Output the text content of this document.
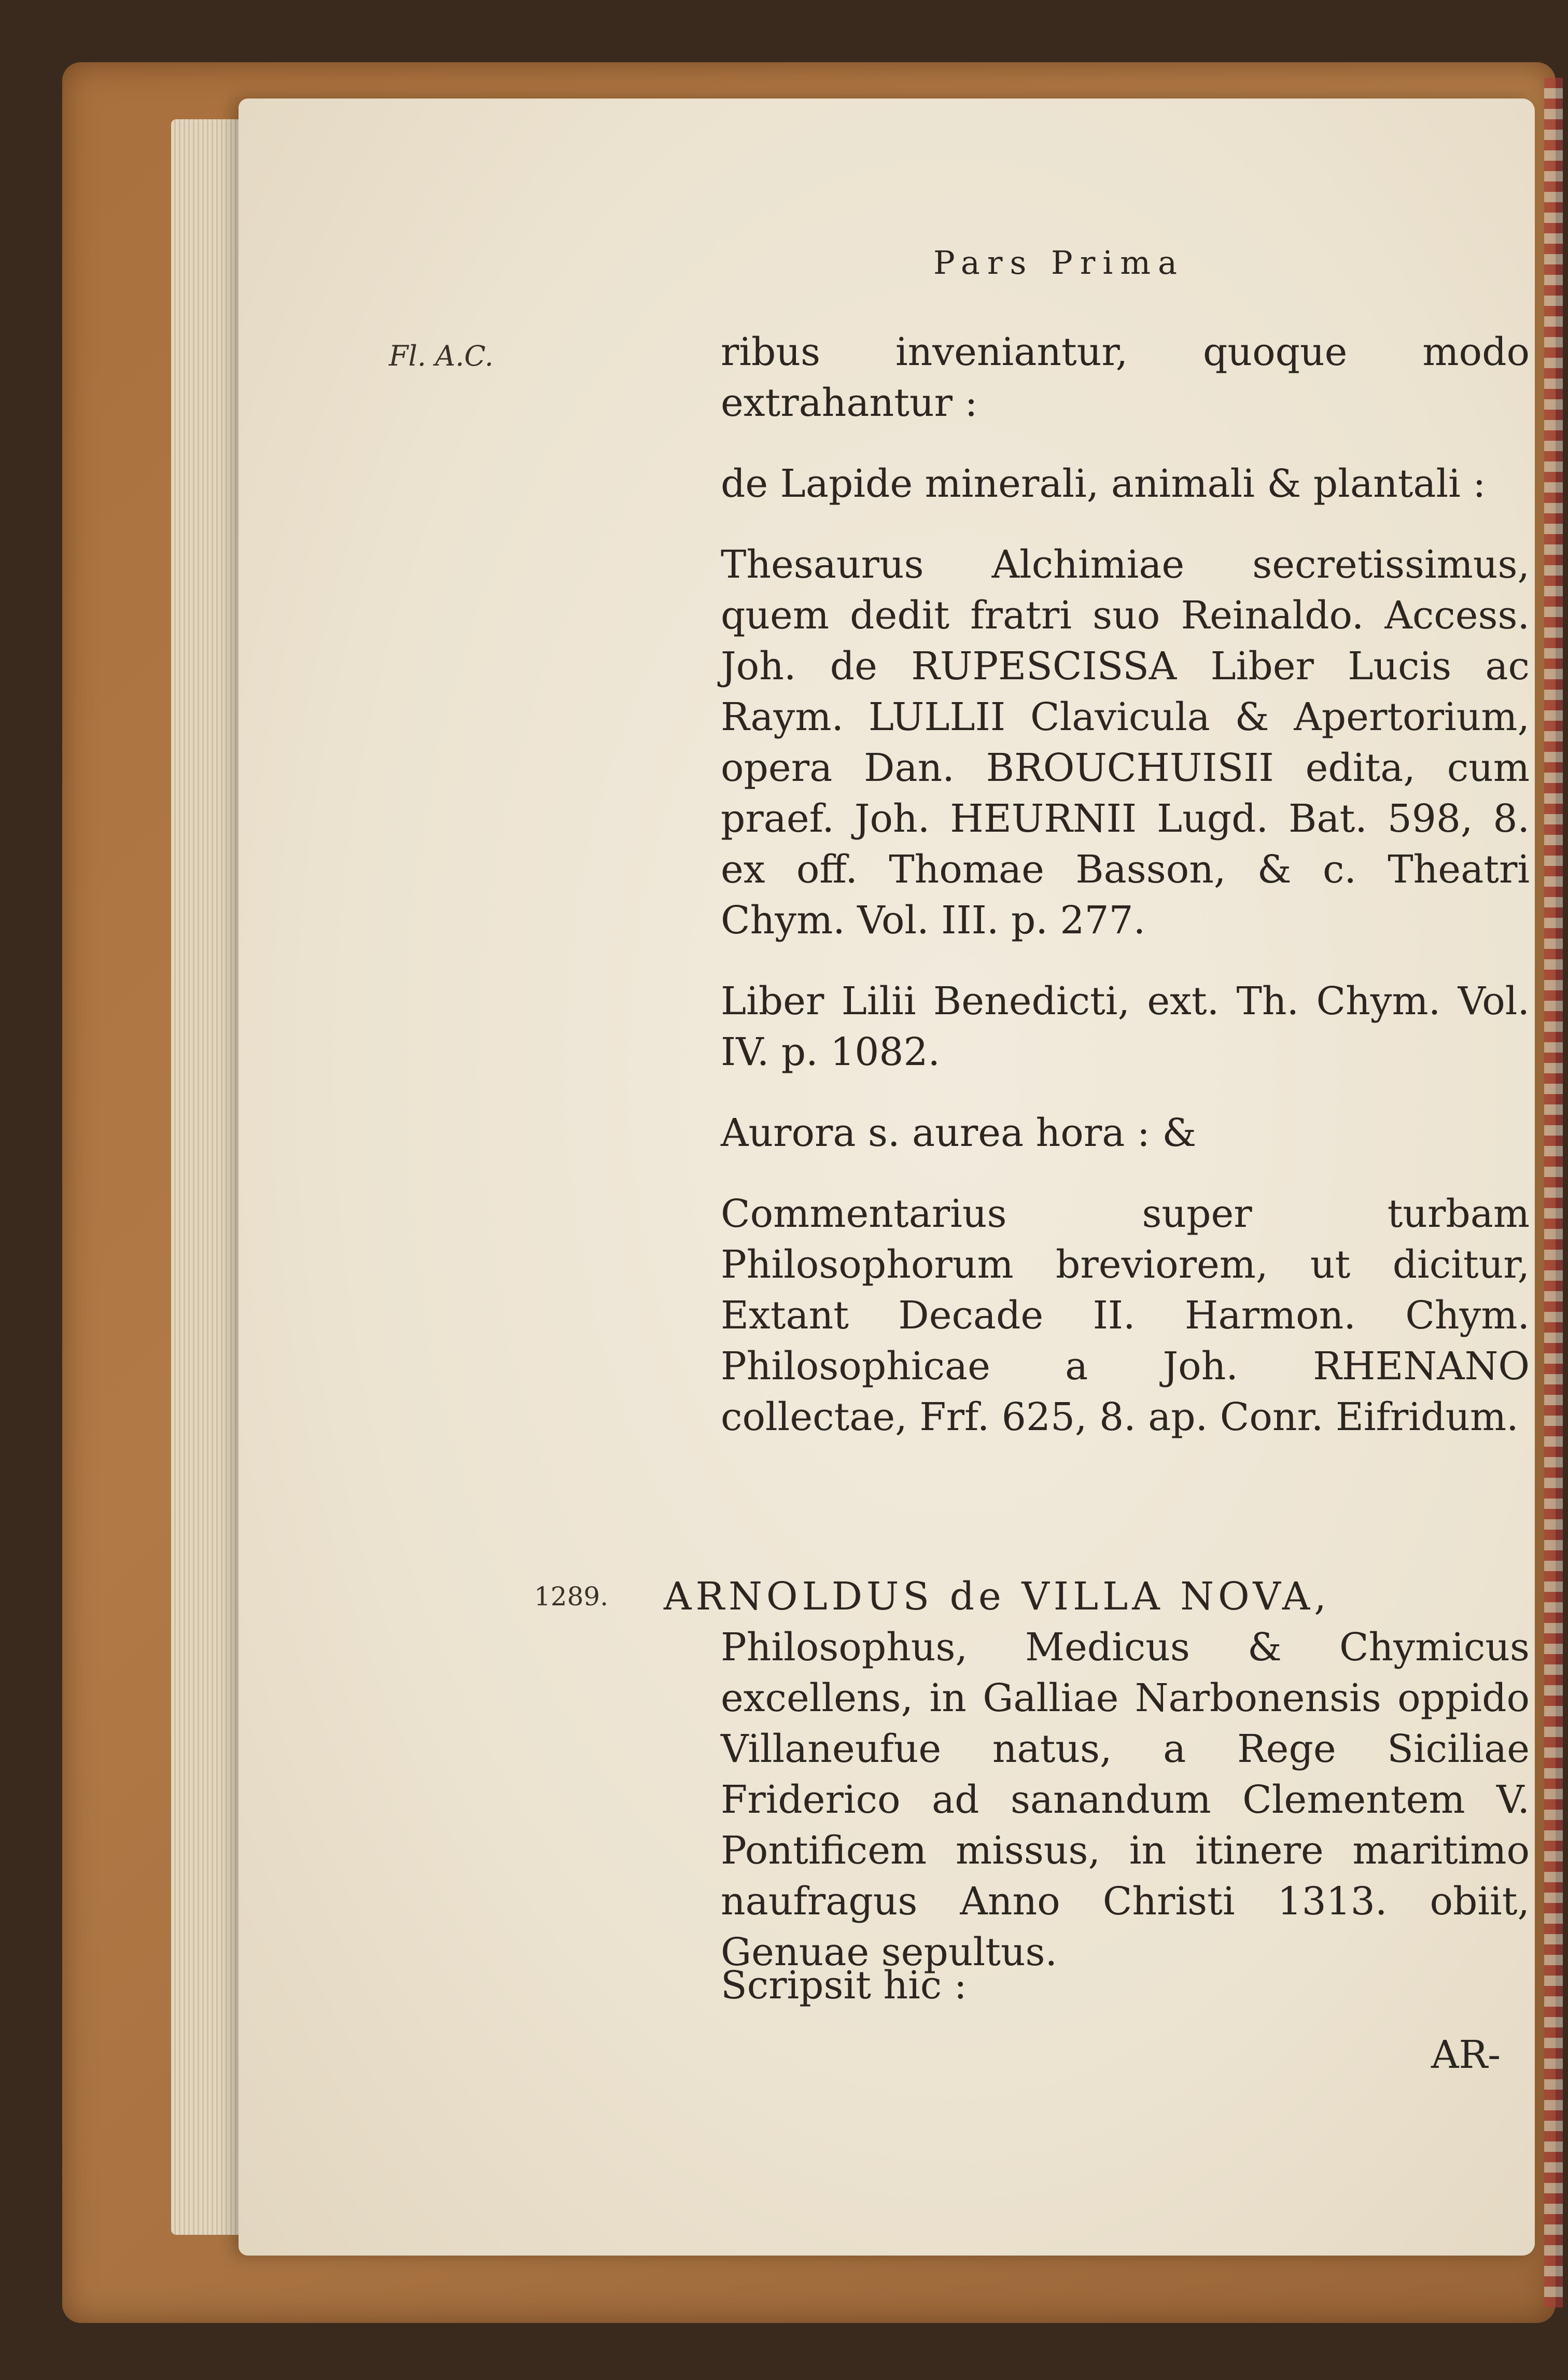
Pars Prima
Fl. A.C.
1289.

ribus inveniantur, quoque modo extrahantur :

de Lapide minerali, animali & plantali :

Thesaurus Alchimiae secretissimus, quem dedit fratri suo Reinaldo. Access. Joh. de RUPESCISSA Liber Lucis ac Raym. LULLII Clavicula & Apertorium, opera Dan. BROUCHUISII edita, cum praef. Joh. HEURNII Lugd. Bat. 598, 8. ex off. Thomae Basson, & c. Theatri Chym. Vol. III. p. 277.

Liber Lilii Benedicti, ext. Th. Chym. Vol. IV. p. 1082.

Aurora s. aurea hora : &

Commentarius super turbam Philosophorum breviorem, ut dicitur, Extant Decade II. Harmon. Chym. Philosophicae a Joh. RHENANO collectae, Frf. 625, 8. ap. Conr. Eifridum.

ARNOLDUS de VILLA NOVA,
Philosophus, Medicus & Chymicus excellens, in Galliae Narbonensis oppido Villaneufue natus, a Rege Siciliae Friderico ad sanandum Clementem V. Pontificem missus, in itinere maritimo naufragus Anno Christi 1313. obiit, Genuae sepultus.
Scripsit hic :
AR-
